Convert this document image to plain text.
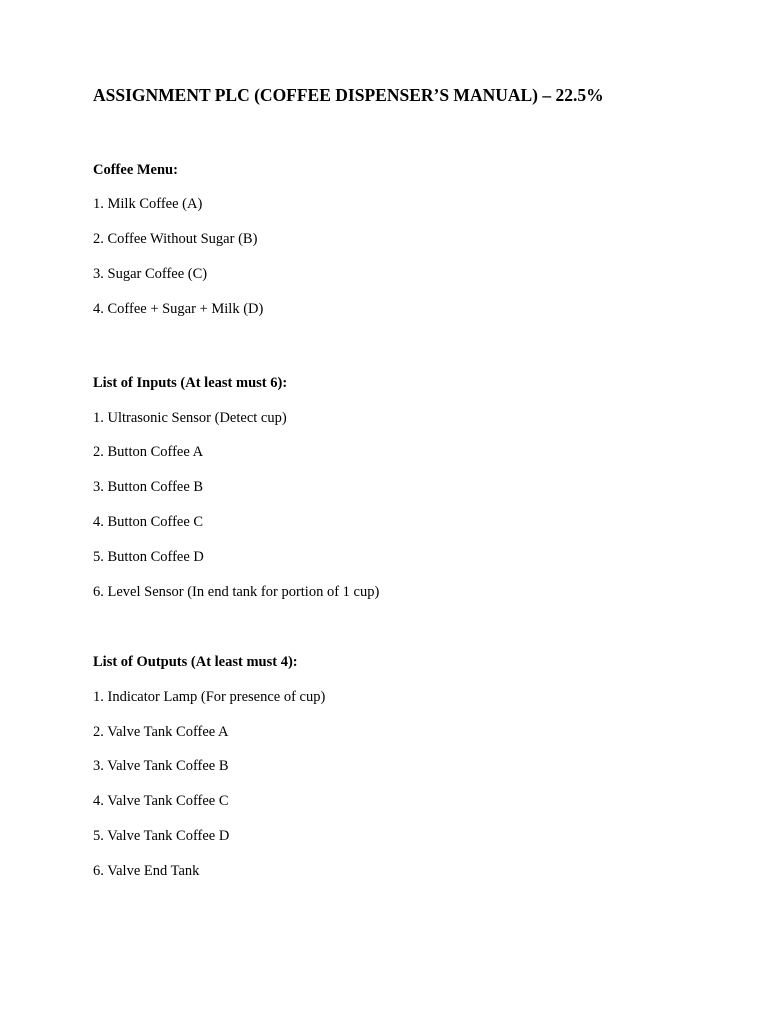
ASSIGNMENT PLC (COFFEE DISPENSER’S MANUAL) – 22.5%
Coffee Menu:
1. Milk Coffee (A)
2. Coffee Without Sugar (B)
3. Sugar Coffee (C)
4. Coffee + Sugar + Milk (D)
List of Inputs (At least must 6):
1. Ultrasonic Sensor (Detect cup)
2. Button Coffee A
3. Button Coffee B
4. Button Coffee C
5. Button Coffee D
6. Level Sensor (In end tank for portion of 1 cup)
List of Outputs (At least must 4):
1. Indicator Lamp (For presence of cup)
2. Valve Tank Coffee A
3. Valve Tank Coffee B
4. Valve Tank Coffee C
5. Valve Tank Coffee D
6. Valve End Tank
